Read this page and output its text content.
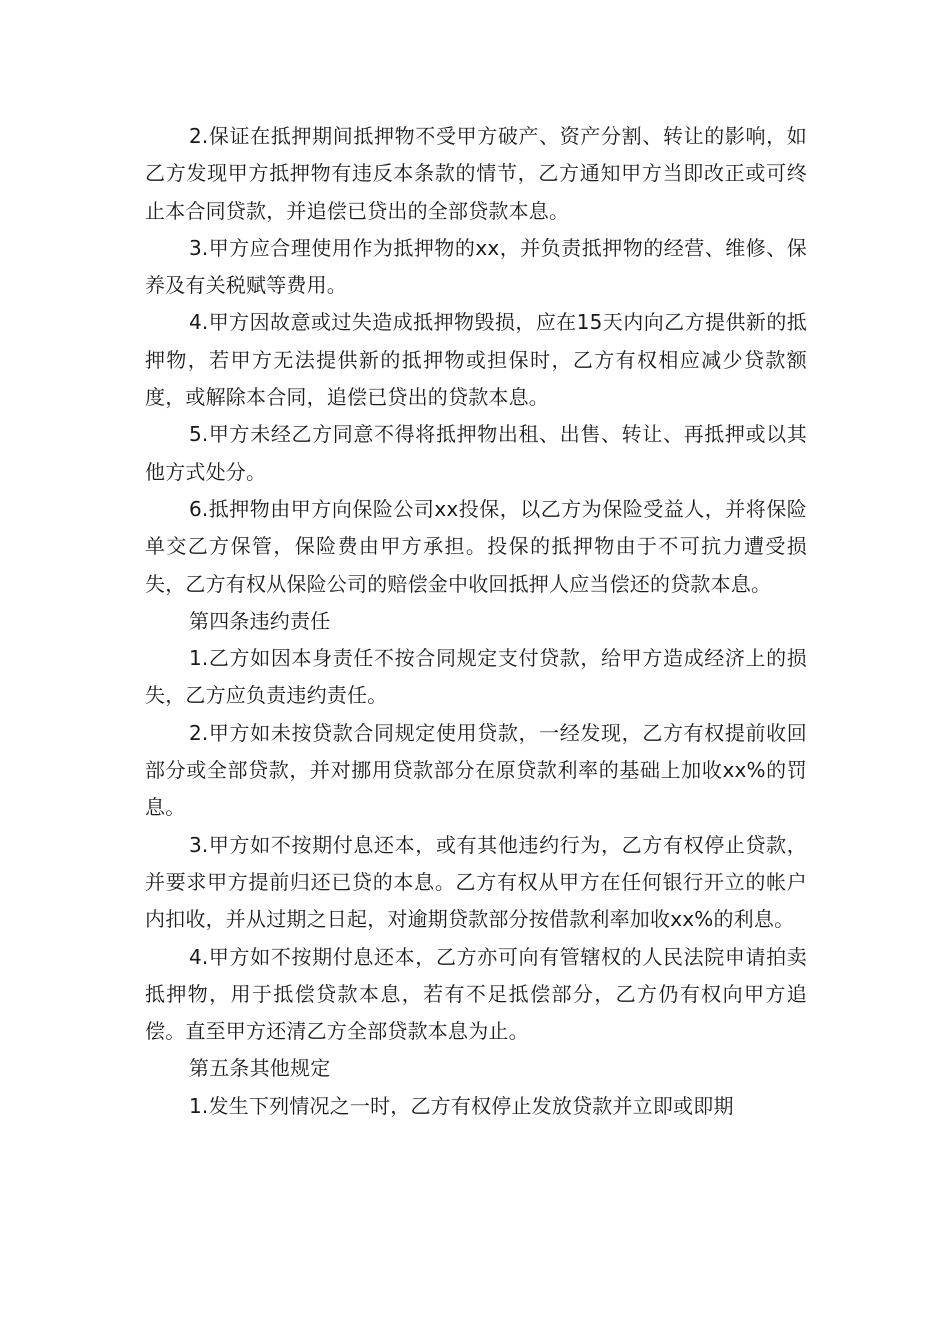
2.保证在抵押期间抵押物不受甲方破产、资产分割、转让的影响，如乙方发现甲方抵押物有违反本条款的情节，乙方通知甲方当即改正或可终止本合同贷款，并追偿已贷出的全部贷款本息。

3.甲方应合理使用作为抵押物的xx，并负责抵押物的经营、维修、保养及有关税赋等费用。

4.甲方因故意或过失造成抵押物毁损，应在15天内向乙方提供新的抵押物，若甲方无法提供新的抵押物或担保时，乙方有权相应减少贷款额度，或解除本合同，追偿已贷出的贷款本息。

5.甲方未经乙方同意不得将抵押物出租、出售、转让、再抵押或以其他方式处分。

6.抵押物由甲方向保险公司xx投保，以乙方为保险受益人，并将保险单交乙方保管，保险费由甲方承担。投保的抵押物由于不可抗力遭受损失，乙方有权从保险公司的赔偿金中收回抵押人应当偿还的贷款本息。

第四条违约责任

1.乙方如因本身责任不按合同规定支付贷款，给甲方造成经济上的损失，乙方应负责违约责任。

2.甲方如未按贷款合同规定使用贷款，一经发现，乙方有权提前收回部分或全部贷款，并对挪用贷款部分在原贷款利率的基础上加收xx%的罚息。

3.甲方如不按期付息还本，或有其他违约行为，乙方有权停止贷款，并要求甲方提前归还已贷的本息。乙方有权从甲方在任何银行开立的帐户内扣收，并从过期之日起，对逾期贷款部分按借款利率加收xx%的利息。

4.甲方如不按期付息还本，乙方亦可向有管辖权的人民法院申请拍卖抵押物，用于抵偿贷款本息，若有不足抵偿部分，乙方仍有权向甲方追偿。直至甲方还清乙方全部贷款本息为止。

第五条其他规定

1.发生下列情况之一时，乙方有权停止发放贷款并立即或即期
